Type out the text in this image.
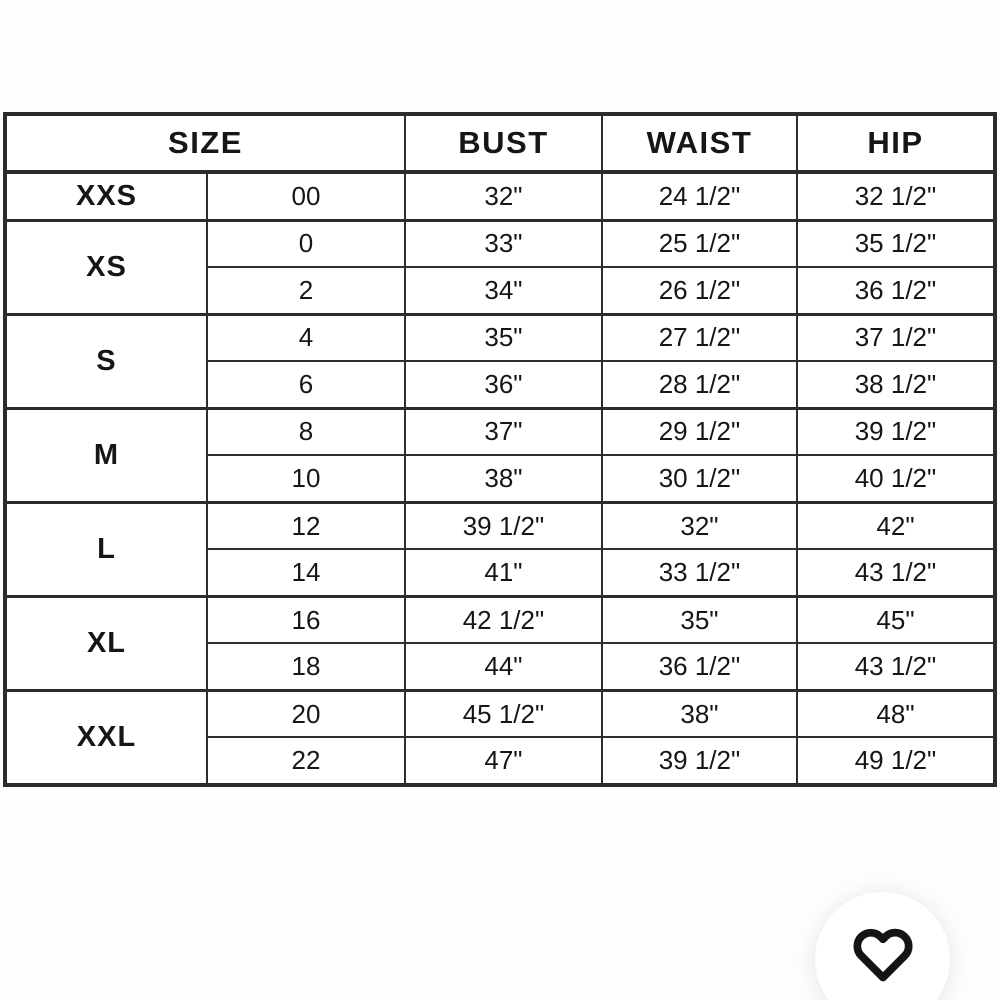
SIZE		BUST	WAIST	HIP
XXS	00	32"	24 1/2"	32 1/2"
XS	0	33"	25 1/2"	35 1/2"
	2	34"	26 1/2"	36 1/2"
S	4	35"	27 1/2"	37 1/2"
	6	36"	28 1/2"	38 1/2"
M	8	37"	29 1/2"	39 1/2"
	10	38"	30 1/2"	40 1/2"
L	12	39 1/2"	32"	42"
	14	41"	33 1/2"	43 1/2"
XL	16	42 1/2"	35"	45"
	18	44"	36 1/2"	43 1/2"
XXL	20	45 1/2"	38"	48"
	22	47"	39 1/2"	49 1/2"
